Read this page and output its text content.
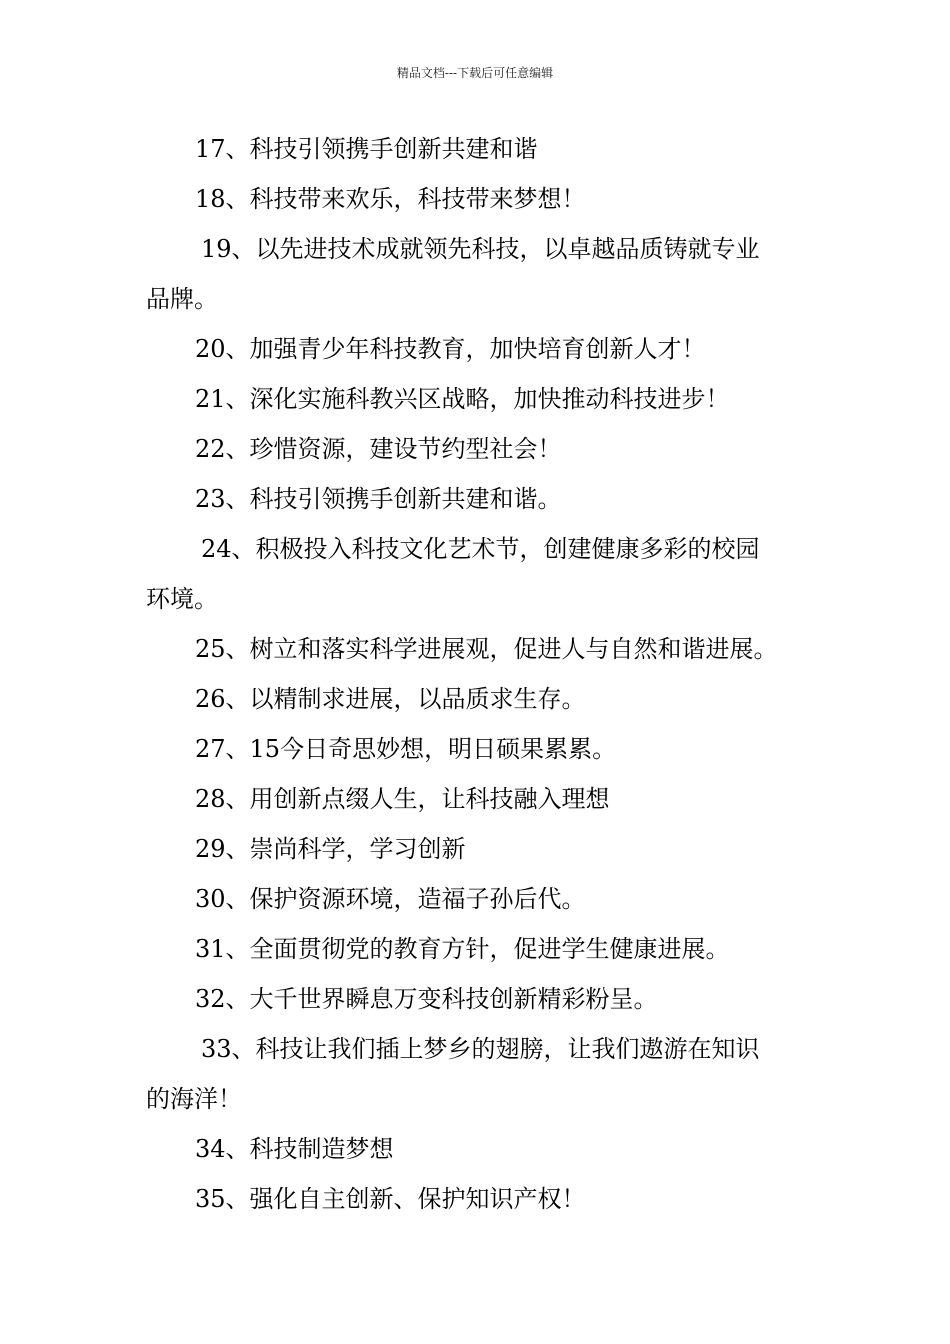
精品文档---下载后可任意编辑
17、科技引领携手创新共建和谐
18、科技带来欢乐，科技带来梦想！
19、以先进技术成就领先科技，以卓越品质铸就专业
品牌。
20、加强青少年科技教育，加快培育创新人才！
21、深化实施科教兴区战略，加快推动科技进步！
22、珍惜资源，建设节约型社会！
23、科技引领携手创新共建和谐。
24、积极投入科技文化艺术节，创建健康多彩的校园
环境。
25、树立和落实科学进展观，促进人与自然和谐进展。
26、以精制求进展，以品质求生存。
27、15今日奇思妙想，明日硕果累累。
28、用创新点缀人生，让科技融入理想
29、崇尚科学，学习创新
30、保护资源环境，造福子孙后代。
31、全面贯彻党的教育方针，促进学生健康进展。
32、大千世界瞬息万变科技创新精彩粉呈。
33、科技让我们插上梦乡的翅膀，让我们遨游在知识
的海洋！
34、科技制造梦想
35、强化自主创新、保护知识产权！
